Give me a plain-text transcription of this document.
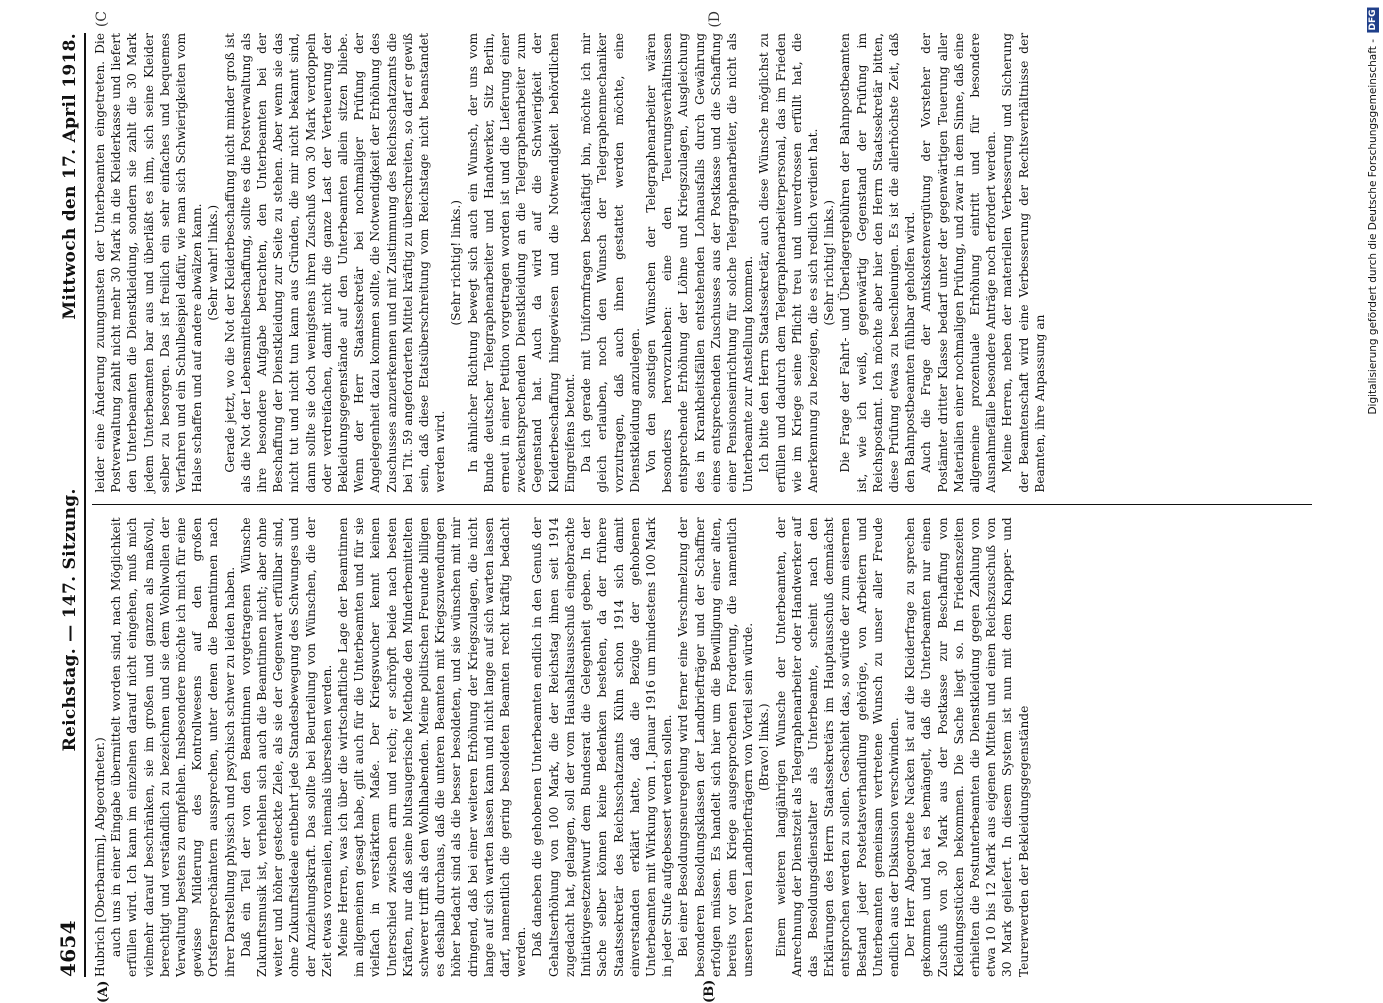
4654
Reichstag. — 147. Sitzung.
Mittwoch den 17. April 1918.
(A)	(B)

Hubrich [Oberbarnim], Abgeordneter.) auch uns in einer Eingabe übermittelt worden sind, nach Möglichkeit erfüllen wird. Ich kann im einzelnen darauf nicht eingehen, muß mich vielmehr darauf beschränken, sie im großen und ganzen als maßvoll, berechtigt und verständlich zu bezeichnen und sie dem Wohlwollen der Verwaltung bestens zu empfehlen. Insbesondere möchte ich mich für eine gewisse Milderung des Kontrollwesens auf den großen Ortsfernsprechämtern aussprechen, unter denen die Beamtinnen nach ihrer Darstellung physisch und psychisch schwer zu leiden haben. Daß ein Teil der von den Beamtinnen vorgetragenen Wünsche Zukunftsmusik ist, verhehlen sich auch die Beamtinnen nicht; aber ohne weiter und höher gesteckte Ziele, als sie der Gegenwart erfüllbar sind, ohne Zukunftsideale entbehrt jede Standesbewegung des Schwunges und der Anziehungskraft. Das sollte bei Beurteilung von Wünschen, die der Zeit etwas voraneilen, niemals übersehen werden. Meine Herren, was ich über die wirtschaftliche Lage der Beamtinnen im allgemeinen gesagt habe, gilt auch für die Unterbeamten und für sie vielfach in verstärktem Maße. Der Kriegswucher kennt keinen Unterschied zwischen arm und reich; er schröpft beide nach besten Kräften, nur daß seine blutsaugerische Methode den Minderbemittelten schwerer trifft als den Wohlhabenden. Meine politischen Freunde billigen es deshalb durchaus, daß die unteren Beamten mit Kriegszuwendungen höher bedacht sind als die besser besoldeten, und sie wünschen mit mir dringend, daß bei einer weiteren Erhöhung der Kriegszulagen, die nicht lange auf sich warten lassen kann und nicht lange auf sich warten lassen darf, namentlich die gering besoldeten Beamten recht kräftig bedacht werden. Daß daneben die gehobenen Unterbeamten endlich in den Genuß der Gehaltserhöhung von 100 Mark, die der Reichstag ihnen seit 1914 zugedacht hat, gelangen, soll der vom Haushaltsausschuß eingebrachte Initiativgesetzentwurf dem Bundesrat die Gelegenheit geben. In der Sache selber können keine Bedenken bestehen, da der frühere Staatssekretär des Reichsschatzamts Kühn schon 1914 sich damit einverstanden erklärt hatte, daß die Bezüge der gehobenen Unterbeamten mit Wirkung vom 1. Januar 1916 um mindestens 100 Mark in jeder Stufe aufgebessert werden sollen. Bei einer Besoldungsneuregelung wird ferner eine Verschmelzung der besonderen Besoldungsklassen der Landbriefträger und der Schaffner erfolgen müssen. Es handelt sich hier um die Bewilligung einer alten, bereits vor dem Kriege ausgesprochenen Forderung, die namentlich unseren braven Landbriefträgern von Vorteil sein würde. (Bravo! links.) Einem weiteren langjährigen Wunsche der Unterbeamten, der Anrechnung der Dienstzeit als Telegraphenarbeiter oder Handwerker auf das Besoldungsdienstalter als Unterbeamte, scheint nach den Erklärungen des Herrn Staatssekretärs im Hauptausschuß demnächst entsprochen werden zu sollen. Geschieht das, so würde der zum eisernen Bestand jeder Postetatsverhandlung gehörige, von Arbeitern und Unterbeamten gemeinsam vertretene Wunsch zu unser aller Freude endlich aus der Diskussion verschwinden. Der Herr Abgeordnete Nacken ist auf die Kleiderfrage zu sprechen gekommen und hat es bemängelt, daß die Unterbeamten nur einen Zuschuß von 30 Mark aus der Postkasse zur Beschaffung von Kleidungsstücken bekommen. Die Sache liegt so. In Friedenszeiten erhielten die Postunterbeamten die Dienstkleidung gegen Zahlung von etwa 10 bis 12 Mark aus eigenen Mitteln und einen Reichszuschuß von 30 Mark geliefert. In diesem System ist nun mit dem Knapper- und Teurerwerden der Bekleidungsgegenstände

(C	(D

leider eine Änderung zuungunsten der Unterbeamten eingetreten. Die Postverwaltung zahlt nicht mehr 30 Mark in die Kleiderkasse und liefert den Unterbeamten die Dienstkleidung, sondern sie zahlt die 30 Mark jedem Unterbeamten bar aus und überläßt es ihm, sich seine Kleider selber zu besorgen. Das ist freilich ein sehr einfaches und bequemes Verfahren und ein Schulbeispiel dafür, wie man sich Schwierigkeiten vom Halse schaffen und auf andere abwälzen kann. (Sehr wahr! links.) Gerade jetzt, wo die Not der Kleiderbeschaffung nicht minder groß ist als die Not der Lebensmittelbeschaffung, sollte es die Postverwaltung als ihre besondere Aufgabe betrachten, den Unterbeamten bei der Beschaffung der Dienstkleidung zur Seite zu stehen. Aber wenn sie das nicht tut und nicht tun kann aus Gründen, die mir nicht bekannt sind, dann sollte sie doch wenigstens ihren Zuschuß von 30 Mark verdoppeln oder verdreifachen, damit nicht die ganze Last der Verteuerung der Bekleidungsgegenstände auf den Unterbeamten allein sitzen bliebe. Wenn der Herr Staatssekretär bei nochmaliger Prüfung der Angelegenheit dazu kommen sollte, die Notwendigkeit der Erhöhung des Zuschusses anzuerkennen und mit Zustimmung des Reichsschatzamts die bei Tit. 59 angeforderten Mittel kräftig zu überschreiten, so darf er gewiß sein, daß diese Etatsüberschreitung vom Reichstage nicht beanstandet werden wird.

(Sehr richtig! links.) In ähnlicher Richtung bewegt sich auch ein Wunsch, der uns vom Bunde deutscher Telegraphenarbeiter und Handwerker, Sitz Berlin, erneut in einer Petition vorgetragen worden ist und die Lieferung einer zweckentsprechenden Dienstkleidung an die Telegraphenarbeiter zum Gegenstand hat. Auch da wird auf die Schwierigkeit der Kleiderbeschaffung hingewiesen und die Notwendigkeit behördlichen Eingreifens betont. Da ich gerade mit Uniformfragen beschäftigt bin, möchte ich mir gleich erlauben, noch den Wunsch der Telegraphenmechaniker vorzutragen, daß auch ihnen gestattet werden möchte, eine Dienstkleidung anzulegen. Von den sonstigen Wünschen der Telegraphenarbeiter wären besonders hervorzuheben: eine den Teuerungsverhältnissen entsprechende Erhöhung der Löhne und Kriegszulagen, Ausgleichung des in Krankheitsfällen entstehenden Lohnausfalls durch Gewährung eines entsprechenden Zuschusses aus der Postkasse und die Schaffung einer Pensionseinrichtung für solche Telegraphenarbeiter, die nicht als Unterbeamte zur Anstellung kommen. Ich bitte den Herrn Staatssekretär, auch diese Wünsche möglichst zu erfüllen und dadurch dem Telegraphenarbeiterpersonal, das im Frieden wie im Kriege seine Pflicht treu und unverdrossen erfüllt hat, die Anerkennung zu bezeigen, die es sich redlich verdient hat. (Sehr richtig! links.) Die Frage der Fahrt- und Überlagergebühren der Bahnpostbeamten ist, wie ich weiß, gegenwärtig Gegenstand der Prüfung im Reichspostamt. Ich möchte aber hier den Herrn Staatssekretär bitten, diese Prüfung etwas zu beschleunigen. Es ist die allerhöchste Zeit, daß den Bahnpostbeamten fühlbar geholfen wird. Auch die Frage der Amtskostenvergütung der Vorsteher der Postämter dritter Klasse bedarf unter der gegenwärtigen Teuerung aller Materialien einer nochmaligen Prüfung, und zwar in dem Sinne, daß eine allgemeine prozentuale Erhöhung eintritt und für besondere Ausnahmefälle besondere Anträge noch erfordert werden. Meine Herren, neben der materiellen Verbesserung und Sicherung der Beamtenschaft wird eine Verbesserung der Rechtsverhältnisse der Beamten, ihre Anpassung an	Digitalisierung gefördert durch die Deutsche Forschungsgemeinschaft -
DFG
